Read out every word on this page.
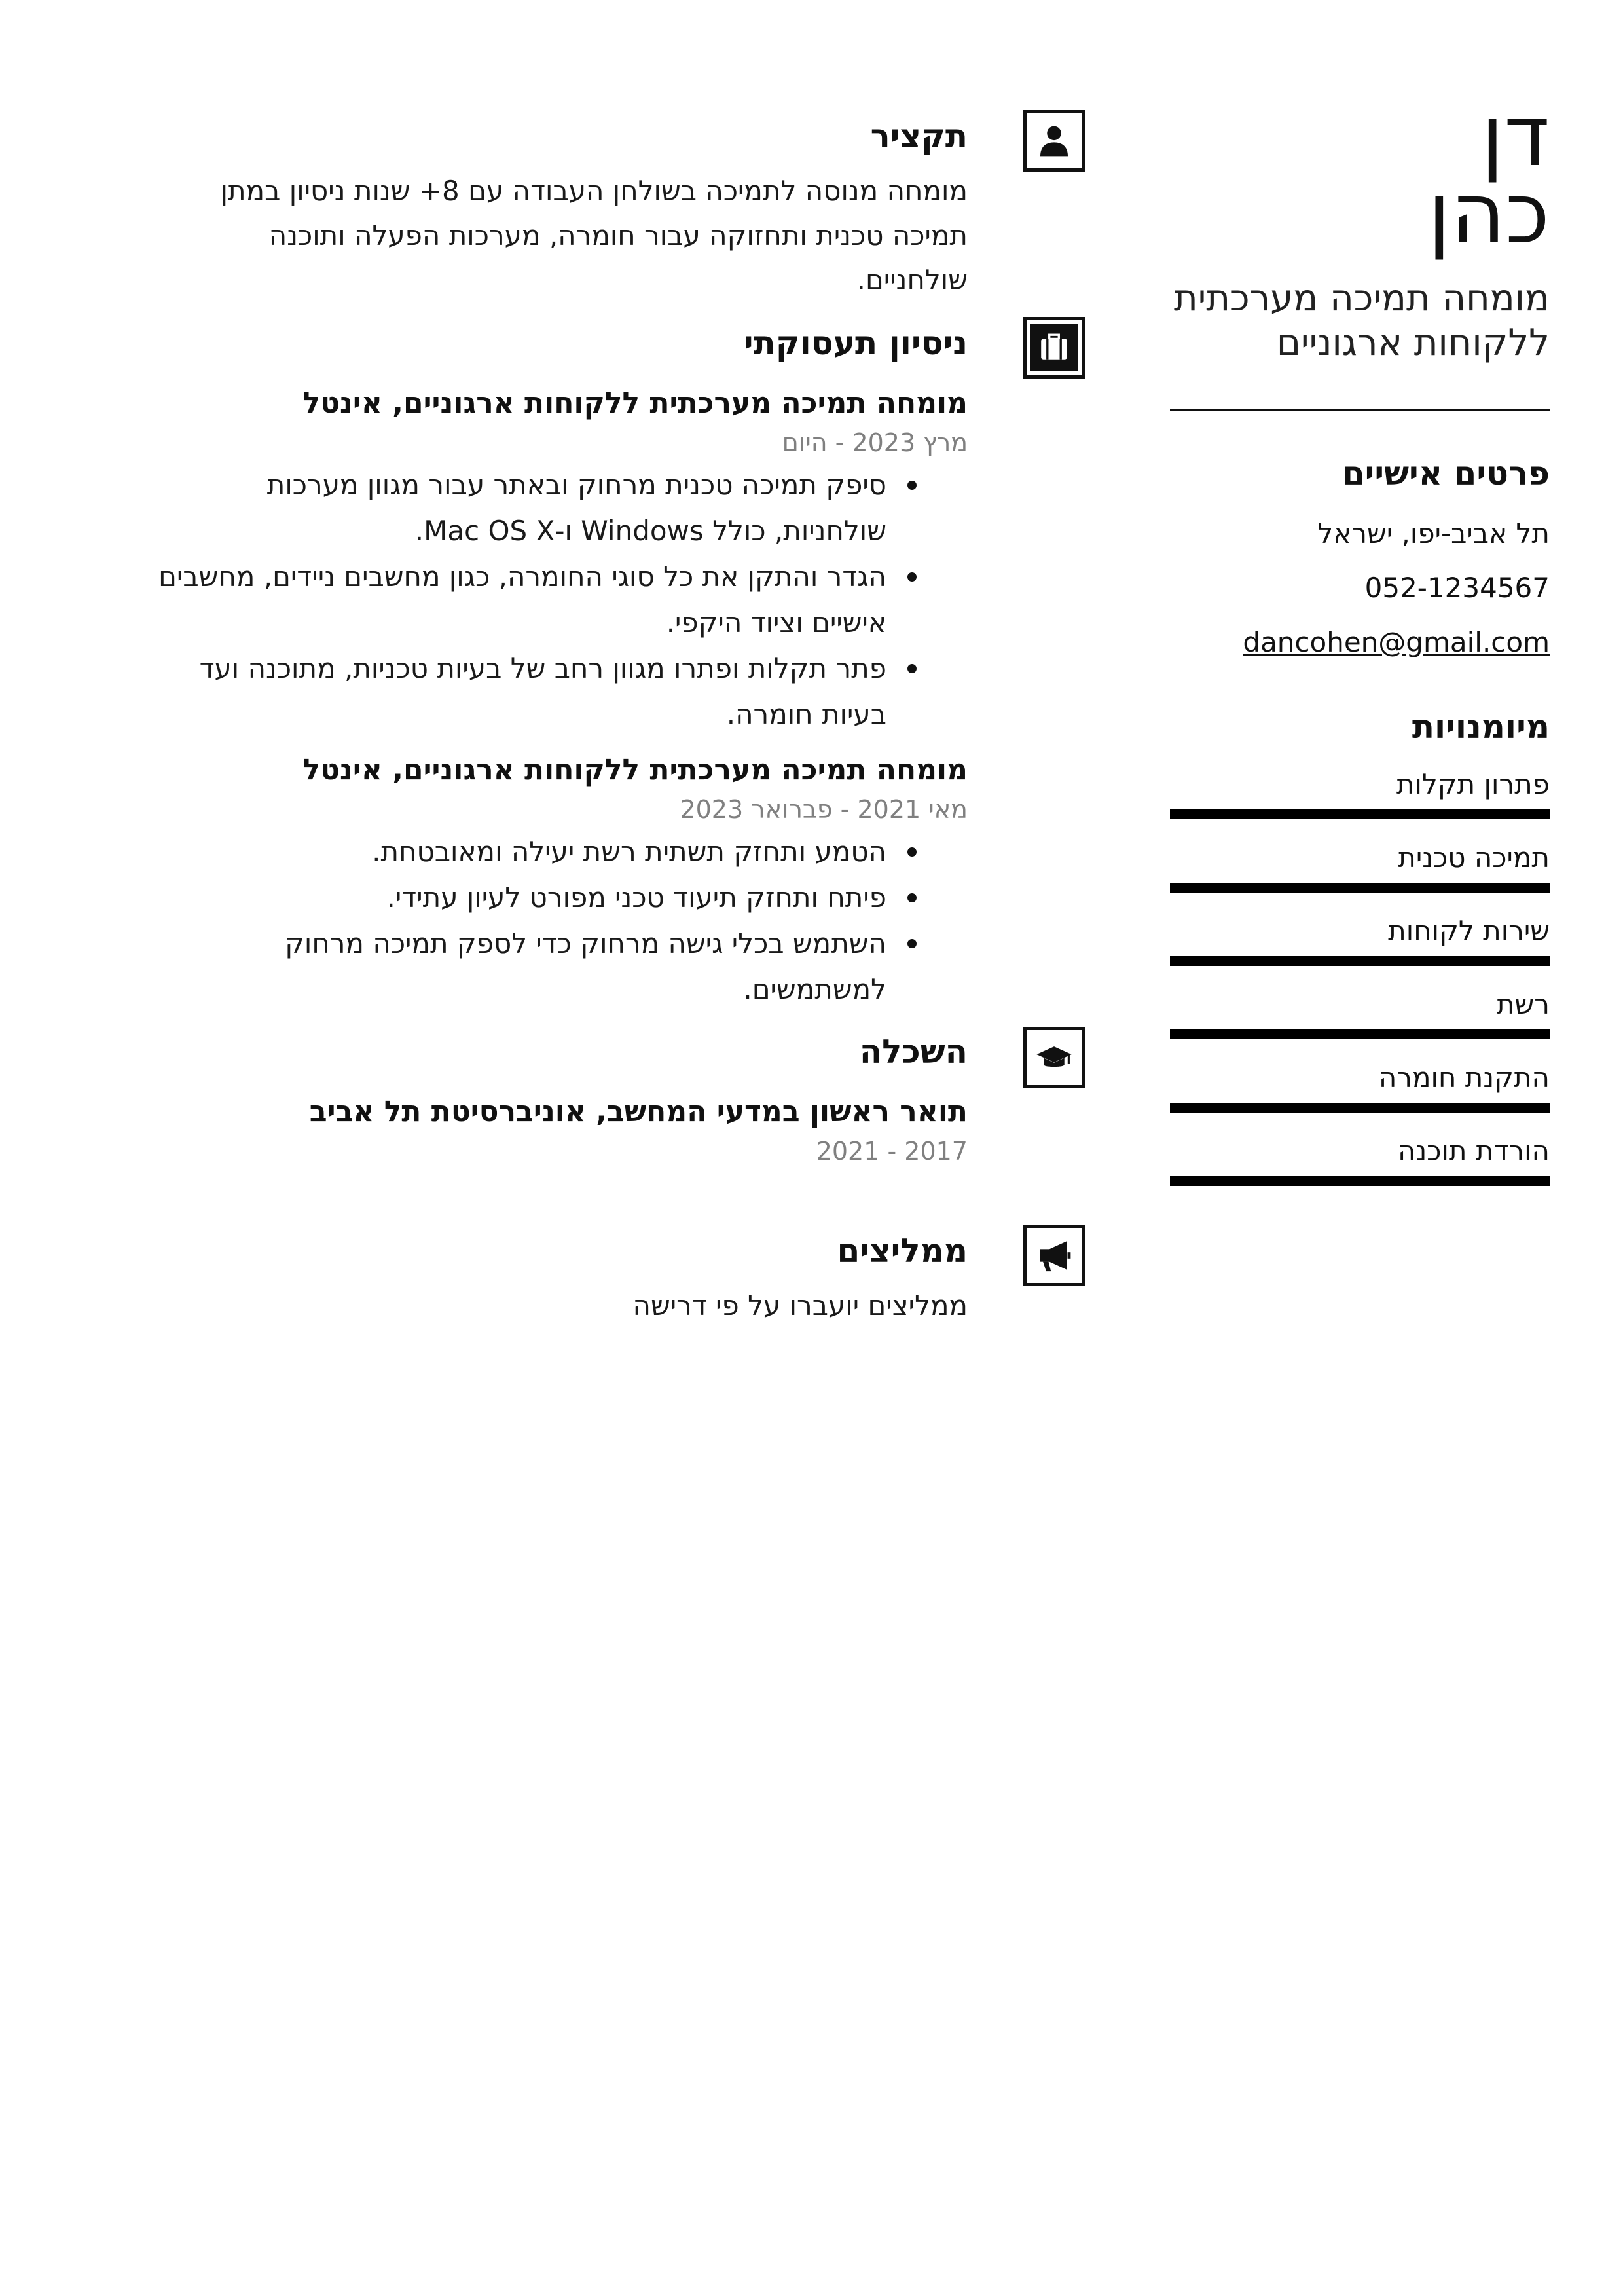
דן
כהן
מומחה תמיכה מערכתית ללקוחות ארגוניים
פרטים אישיים
תל אביב-יפו, ישראל
052-1234567
dancohen@gmail.com
מיומנויות
פתרון תקלות
תמיכה טכנית
שירות לקוחות
רשת
התקנת חומרה
הורדת תוכנה
תקציר
מומחה מנוסה לתמיכה בשולחן העבודה עם 8+ שנות ניסיון במתן תמיכה טכנית ותחזוקה עבור חומרה, מערכות הפעלה ותוכנה שולחניים.
ניסיון תעסוקתי
מומחה תמיכה מערכתית ללקוחות ארגוניים, אינטל
מרץ 2023 - היום
סיפק תמיכה טכנית מרחוק ובאתר עבור מגוון מערכות שולחניות, כולל Windows ו-Mac OS X.
הגדר והתקן את כל סוגי החומרה, כגון מחשבים ניידים, מחשבים אישיים וציוד היקפי.
פתר תקלות ופתרו מגוון רחב של בעיות טכניות, מתוכנה ועד בעיות חומרה.
מומחה תמיכה מערכתית ללקוחות ארגוניים, אינטל
מאי 2021 - פברואר 2023
הטמע ותחזק תשתית רשת יעילה ומאובטחת.
פיתח ותחזק תיעוד טכני מפורט לעיון עתידי.
השתמש בכלי גישה מרחוק כדי לספק תמיכה מרחוק למשתמשים.
השכלה
תואר ראשון במדעי המחשב, אוניברסיטת תל אביב
2017 - 2021
ממליצים
ממליצים יועברו על פי דרישה
